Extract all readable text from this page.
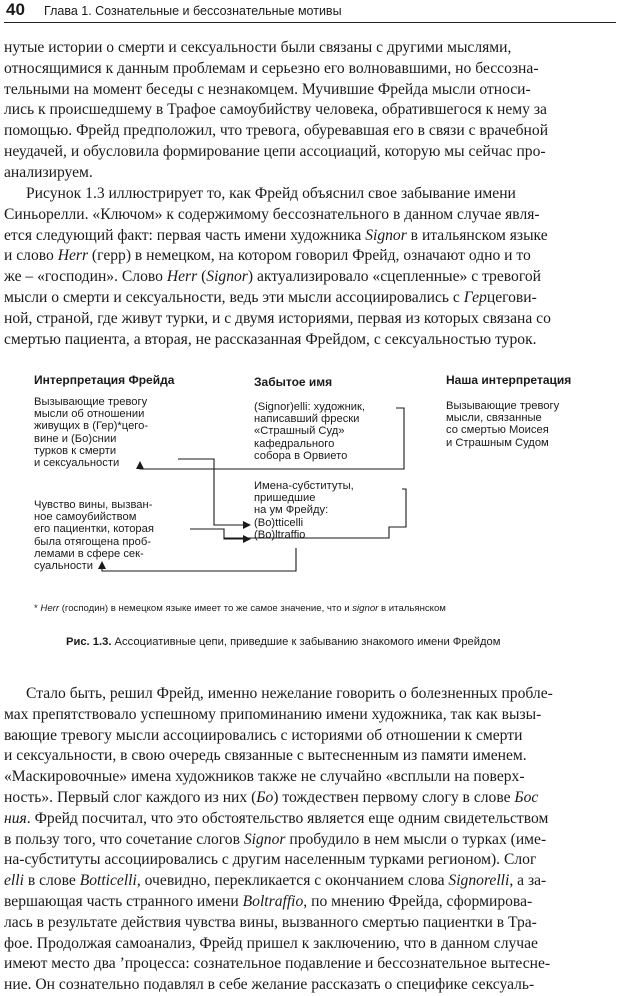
40 Глава 1. Сознательные и бессознательные мотивы

нутые истории о смерти и сексуальности были связаны с другими мыслями,

относящимися к данным проблемам и серьезно его волновавшими, но бессозна-

тельными на момент беседы с незнакомцем. Мучившие Фрейда мысли относи-

лись к происшедшему в Трафое самоубийству человека, обратившегося к нему за

помощью. Фрейд предположил, что тревога, обуревавшая его в связи с врачебной

неудачей, и обусловила формирование цепи ассоциаций, которую мы сейчас про-

анализируем.

Рисунок 1.3 иллюстрирует то, как Фрейд объяснил свое забывание имени

Синьорелли. «Ключом» к содержимому бессознательного в данном случае явля-

ется следующий факт: первая часть имени художника Signor в итальянском языке

и слово Herr (герр) в немецком, на котором говорил Фрейд, означают одно и то

же – «господин». Слово Herr (Signor) актуализировало «сцепленные» с тревогой

мысли о смерти и сексуальности, ведь эти мысли ассоциировались с Герцегови-

ной, страной, где живут турки, и с двумя историями, первая из которых связана со

смертью пациента, а вторая, не рассказанная Фрейдом, с сексуальностью турок.

Интерпретация Фрейда	Забытое имя	Наша интерпретация
Вызывающие тревогу
мысли об отношении
живущих в (Гер)*цего-
вине и (Бо)снии
турков к смерти
и сексуальности
Чувство вины, вызван-
ное самоубийством
его пациентки, которая
была отягощена проб-
лемами в сфере сек-
суальности
(Signor)elli: художник,
написавший фрески
«Страшный Суд»
кафедрального
собора в Орвието
Имена-субституты,
пришедшие
на ум Фрейду:
(Bo)tticelli
(Bo)ltraffio
Вызывающие тревогу
мысли, связанные
со смертью Моисея
и Страшным Судом
* Herr (господин) в немецком языке имеет то же самое значение, что и signor в итальянском
Рис. 1.3. Ассоциативные цепи, приведшие к забыванию знакомого имени Фрейдом

Стало быть, решил Фрейд, именно нежелание говорить о болезненных пробле-

мах препятствовало успешному припоминанию имени художника, так как вызы-

вающие тревогу мысли ассоциировались с историями об отношении к смерти

и сексуальности, в свою очередь связанные с вытесненным из памяти именем.

«Маскировочные» имена художников также не случайно «всплыли на поверх-

ность». Первый слог каждого из них (Бо) тождествен первому слогу в слове Бос

ния. Фрейд посчитал, что это обстоятельство является еще одним свидетельством

в пользу того, что сочетание слогов Signor пробудило в нем мысли о турках (име-

на-субституты ассоциировались с другим населенным турками регионом). Слог

elli в слове Botticelli, очевидно, перекликается с окончанием слова Signorelli, а за-

вершающая часть странного имени Boltraffio, по мнению Фрейда, сформирова-

лась в результате действия чувства вины, вызванного смертью пациентки в Тра-

фое. Продолжая самоанализ, Фрейд пришел к заключению, что в данном случае

имеют место два ʼпроцесса: сознательное подавление и бессознательное вытесне-

ние. Он сознательно подавлял в себе желание рассказать о специфике сексуаль-
